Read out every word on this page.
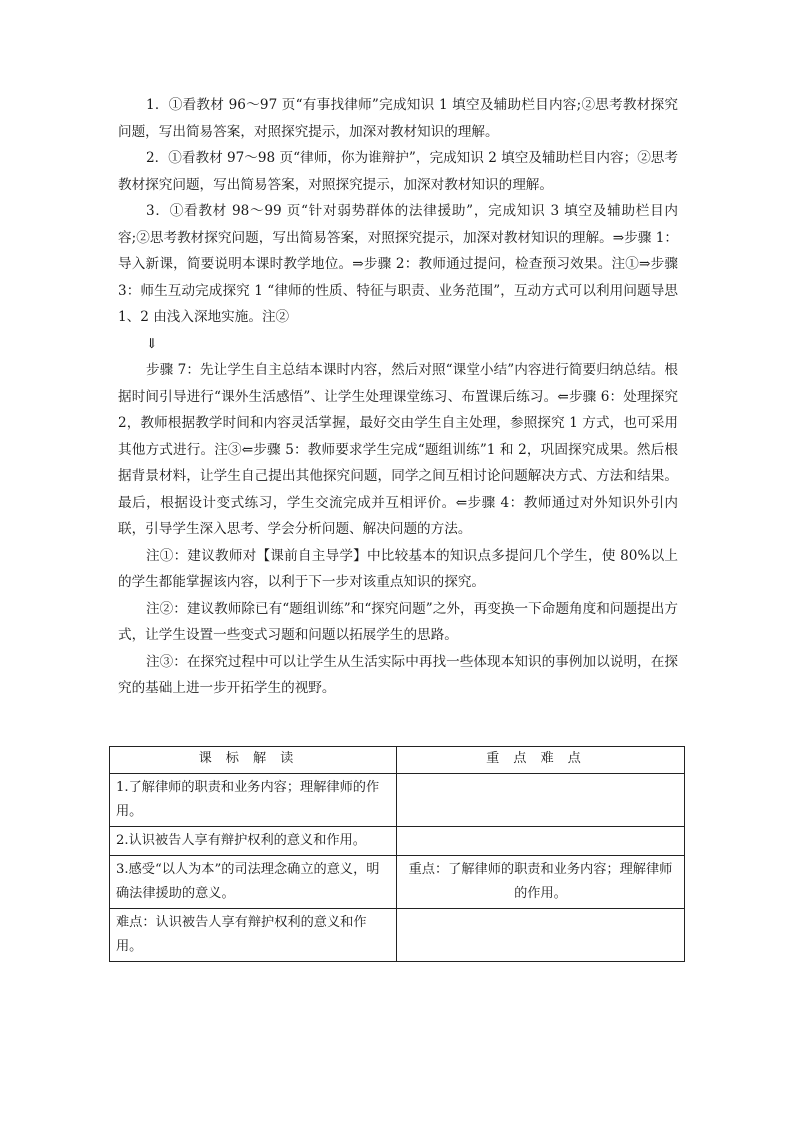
1．①看教材 96～97 页“有事找律师”完成知识 1 填空及辅助栏目内容;②思考教材探究问题，写出简易答案，对照探究提示，加深对教材知识的理解。

2．①看教材 97～98 页“律师，你为谁辩护”，完成知识 2 填空及辅助栏目内容；②思考教材探究问题，写出简易答案，对照探究提示，加深对教材知识的理解。

3．①看教材 98～99 页“针对弱势群体的法律援助”，完成知识 3 填空及辅助栏目内容;②思考教材探究问题，写出简易答案，对照探究提示，加深对教材知识的理解。⇒步骤 1：导入新课，简要说明本课时教学地位。⇒步骤 2：教师通过提问，检查预习效果。注①⇒步骤 3：师生互动完成探究 1 “律师的性质、特征与职责、业务范围”，互动方式可以利用问题导思 1、2 由浅入深地实施。注②

⇓

步骤 7：先让学生自主总结本课时内容，然后对照“课堂小结”内容进行简要归纳总结。根据时间引导进行“课外生活感悟”、让学生处理课堂练习、布置课后练习。⇐步骤 6：处理探究 2，教师根据教学时间和内容灵活掌握，最好交由学生自主处理，参照探究 1 方式，也可采用其他方式进行。注③⇐步骤 5：教师要求学生完成“题组训练”1 和 2，巩固探究成果。然后根据背景材料，让学生自己提出其他探究问题，同学之间互相讨论问题解决方式、方法和结果。最后，根据设计变式练习，学生交流完成并互相评价。⇐步骤 4：教师通过对外知识外引内联，引导学生深入思考、学会分析问题、解决问题的方法。

注①：建议教师对【课前自主导学】中比较基本的知识点多提问几个学生，使 80%以上的学生都能掌握该内容，以利于下一步对该重点知识的探究。

注②：建议教师除已有“题组训练”和“探究问题”之外，再变换一下命题角度和问题提出方式，让学生设置一些变式习题和问题以拓展学生的思路。

注③：在探究过程中可以让学生从生活实际中再找一些体现本知识的事例加以说明，在探究的基础上进一步开拓学生的视野。

课标解读	重点难点
1.了解律师的职责和业务内容；理解律师的作用。	
2.认识被告人享有辩护权利的意义和作用。	
3.感受“以人为本”的司法理念确立的意义，明确法律援助的意义。	重点：了解律师的职责和业务内容；理解律师的作用。
难点：认识被告人享有辩护权利的意义和作用。	
